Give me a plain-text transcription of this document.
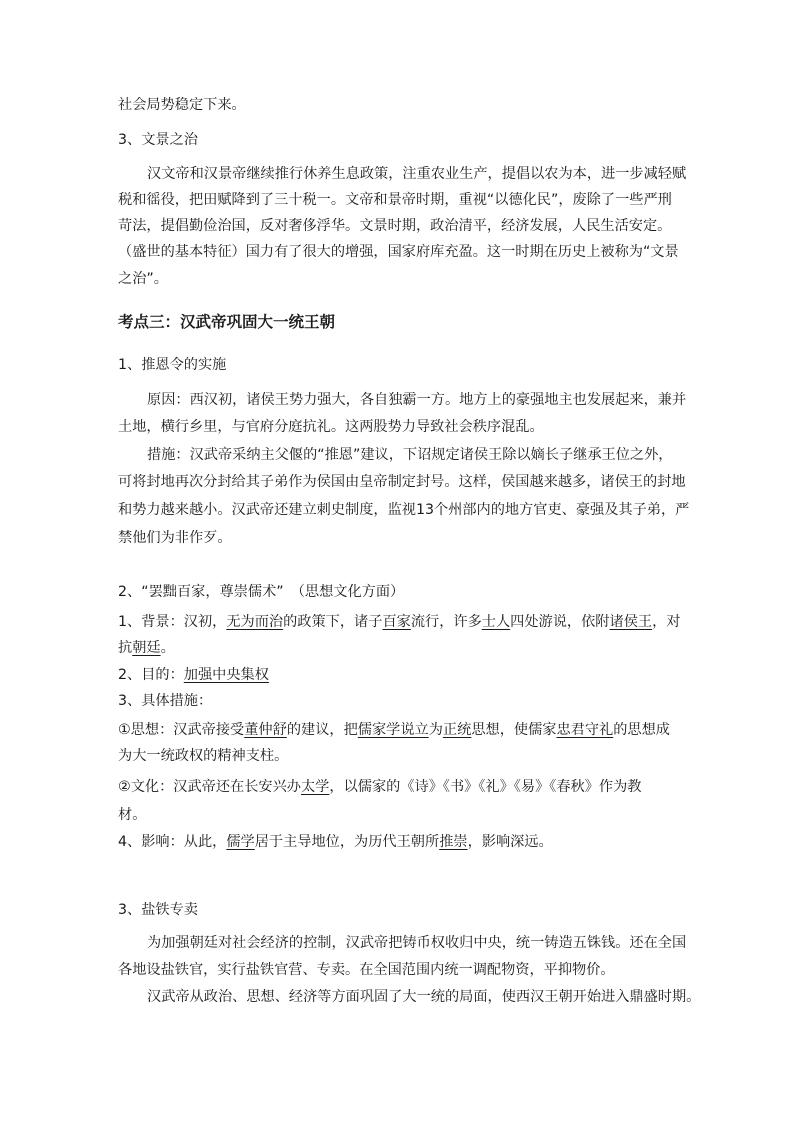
社会局势稳定下来。
3、文景之治
汉文帝和汉景帝继续推行休养生息政策，注重农业生产，提倡以农为本，进一步减轻赋
税和徭役，把田赋降到了三十税一。文帝和景帝时期，重视“以德化民”，废除了一些严刑
苛法，提倡勤俭治国，反对奢侈浮华。文景时期，政治清平，经济发展，人民生活安定。
（盛世的基本特征）国力有了很大的增强，国家府库充盈。这一时期在历史上被称为“文景
之治”。
考点三：汉武帝巩固大一统王朝
1、推恩令的实施
原因：西汉初，诸侯王势力强大，各自独霸一方。地方上的豪强地主也发展起来，兼并
土地，横行乡里，与官府分庭抗礼。这两股势力导致社会秩序混乱。
措施：汉武帝采纳主父偃的“推恩”建议，下诏规定诸侯王除以嫡长子继承王位之外，
可将封地再次分封给其子弟作为侯国由皇帝制定封号。这样，侯国越来越多，诸侯王的封地
和势力越来越小。汉武帝还建立刺史制度，监视13个州部内的地方官吏、豪强及其子弟，严
禁他们为非作歹。
2、“罢黜百家，尊崇儒术”　（思想文化方面）
1、背景：汉初，无为而治的政策下，诸子百家流行，许多士人四处游说，依附诸侯王，对
抗朝廷。
2、目的：加强中央集权
3、具体措施：
①思想：汉武帝接受董仲舒的建议，把儒家学说立为正统思想，使儒家忠君守礼的思想成
为大一统政权的精神支柱。
②文化：汉武帝还在长安兴办太学，以儒家的《诗》《书》《礼》《易》《春秋》作为教
材。
4、影响：从此，儒学居于主导地位，为历代王朝所推崇，影响深远。
3、盐铁专卖
为加强朝廷对社会经济的控制，汉武帝把铸币权收归中央，统一铸造五铢钱。还在全国
各地设盐铁官，实行盐铁官营、专卖。在全国范围内统一调配物资，平抑物价。
汉武帝从政治、思想、经济等方面巩固了大一统的局面，使西汉王朝开始进入鼎盛时期。
